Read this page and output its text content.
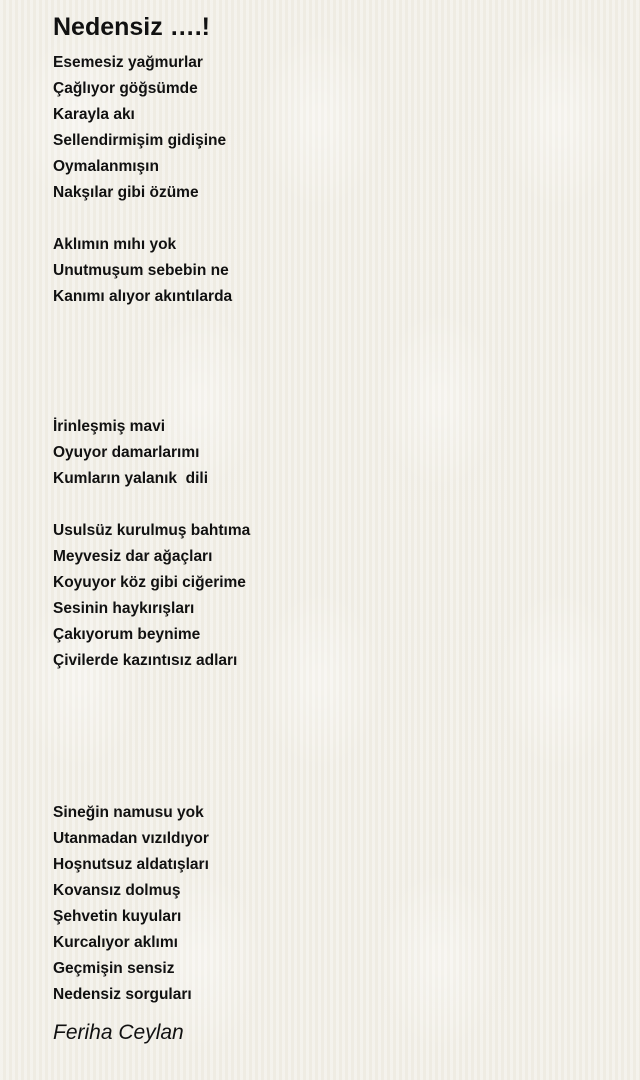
Nedensiz ….!
Esemesiz yağmurlar
Çağlıyor göğsümde
Karayla akı
Sellendirmişim gidişine
Oymalanmışın
Nakşılar gibi özüme
Aklımın mıhı yok
Unutmuşum sebebin ne
Kanımı alıyor akıntılarda
İrinleşmiş mavi
Oyuyor damarlarımı
Kumların yalanık  dili
Usulsüz kurulmuş bahtıma
Meyvesiz dar ağaçları
Koyuyor köz gibi ciğerime
Sesinin haykırışları
Çakıyorum beynime
Çivilerde kazıntısız adları
Sineğin namusu yok
Utanmadan vızıldıyor
Hoşnutsuz aldatışları
Kovansız dolmuş
Şehvetin kuyuları
Kurcalıyor aklımı
Geçmişin sensiz
Nedensiz sorguları
Feriha Ceylan
